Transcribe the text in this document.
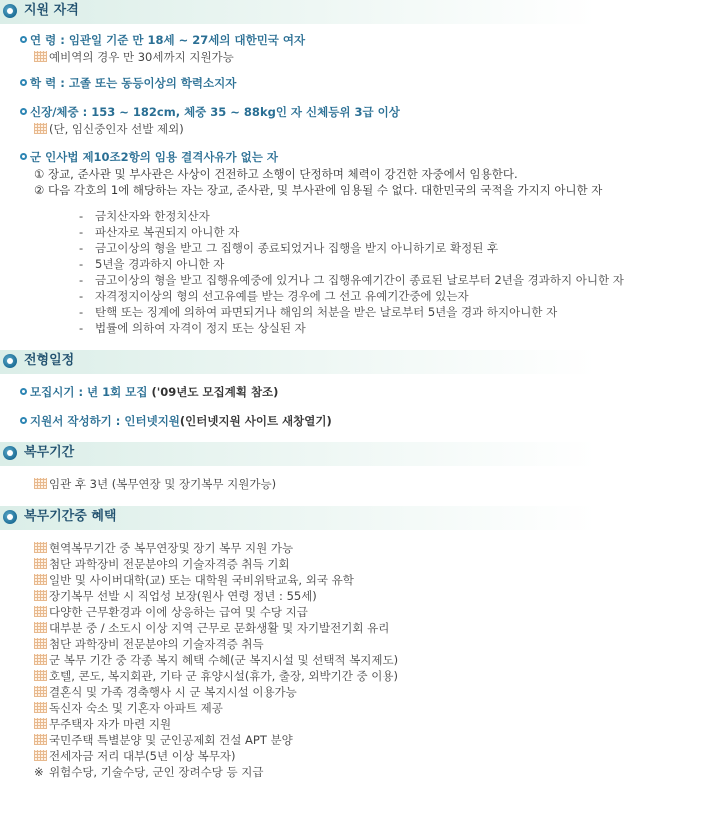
지원 자격
연 령 : 임관일 기준 만 18세 ~ 27세의 대한민국 여자
예비역의 경우 만 30세까지 지원가능
학 력 : 고졸 또는 동등이상의 학력소지자
신장/체중 : 153 ~ 182cm, 체중 35 ~ 88kg인 자 신체등위 3급 이상
(단, 임신중인자 선발 제외)
군 인사법 제10조2항의 임용 결격사유가 없는 자
① 장교, 준사관 및 부사관은 사상이 건전하고 소행이 단정하며 체력이 강건한 자중에서 임용한다.
② 다음 각호의 1에 해당하는 자는 장교, 준사관, 및 부사관에 임용될 수 없다. 대한민국의 국적을 가지지 아니한 자
- 금치산자와 한정치산자
- 파산자로 복권되지 아니한 자
- 금고이상의 형을 받고 그 집행이 종료되었거나 집행을 받지 아니하기로 확정된 후
- 5년을 경과하지 아니한 자
- 금고이상의 형을 받고 집행유예중에 있거나 그 집행유예기간이 종료된 날로부터 2년을 경과하지 아니한 자
- 자격정지이상의 형의 선고유예를 받는 경우에 그 선고 유예기간중에 있는자
- 탄핵 또는 징계에 의하여 파면되거나 해임의 처분을 받은 날로부터 5년을 경과 하지아니한 자
- 법률에 의하여 자격이 정지 또는 상실된 자
전형일정
모집시기 : 년 1회 모집 ('09년도 모집계획 참조)
지원서 작성하기 : 인터넷지원(인터넷지원 사이트 새창열기)
복무기간
임관 후 3년 (복무연장 및 장기복무 지원가능)
복무기간중 혜택
현역복무기간 중 복무연장및 장기 복무 지원 가능
첨단 과학장비 전문분야의 기술자격증 취득 기회
일반 및 사이버대학(교) 또는 대학원 국비위탁교육, 외국 유학
장기복무 선발 시 직업성 보장(원사 연령 정년 : 55세)
다양한 근무환경과 이에 상응하는 급여 및 수당 지급
대부분 중 / 소도시 이상 지역 근무로 문화생활 및 자기발전기회 유리
첨단 과학장비 전문분야의 기술자격증 취득
군 복무 기간 중 각종 복지 혜택 수혜(군 복지시설 및 선택적 복지제도)
호텔, 콘도, 복지회관, 기타 군 휴양시설(휴가, 출장, 외박기간 중 이용)
결혼식 및 가족 경축행사 시 군 복지시설 이용가능
독신자 숙소 및 기혼자 아파트 제공
무주택자 자가 마련 지원
국민주택 특별분양 및 군인공제회 건설 APT 분양
전세자금 저리 대부(5년 이상 복무자)
※ 위험수당, 기술수당, 군인 장려수당 등 지급
